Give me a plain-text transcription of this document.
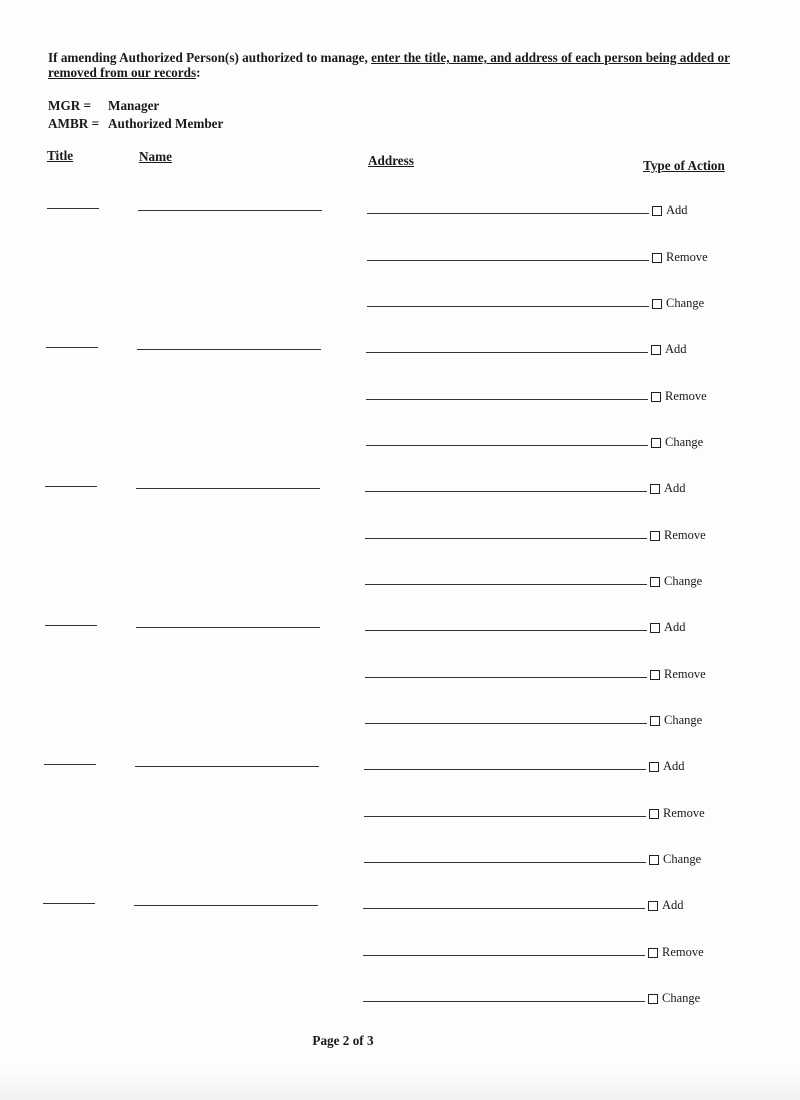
If amending Authorized Person(s) authorized to manage, enter the title, name, and address of each person being added or removed from our records:
MGR =	Manager
AMBR = Authorized Member
Title	Name	Address	Type of Action
Add
Remove
Change
Add
Remove
Change
Add
Remove
Change
Add
Remove
Change
Add
Remove
Change
Add
Remove
Change
Page 2 of 3
